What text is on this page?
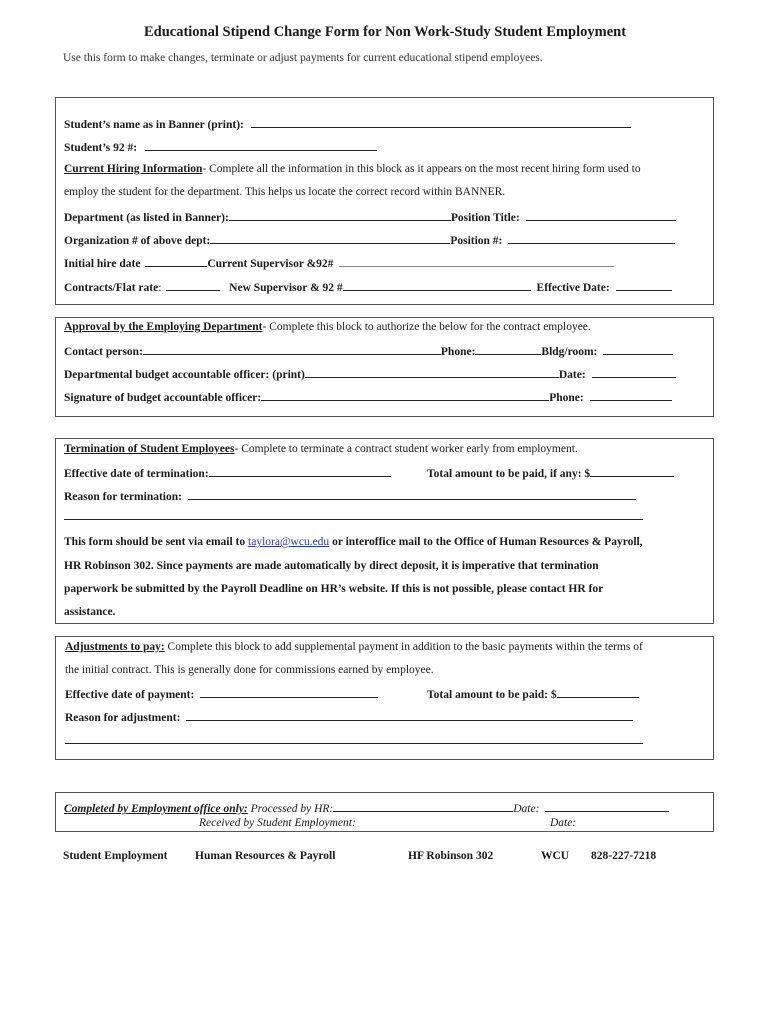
Educational Stipend Change Form for Non Work-Study Student Employment
Use this form to make changes, terminate or adjust payments for current educational stipend employees.
Student’s name as in Banner (print):
Student’s 92 #:
Current Hiring Information- Complete all the information in this block as it appears on the most recent hiring form used to
employ the student for the department. This helps us locate the correct record within BANNER.
Department (as listed in Banner):	Position Title:
Organization # of above dept:	Position #:
Initial hire date	Current Supervisor &92#
Contracts/Flat rate:	New Supervisor & 92 #	Effective Date:
Approval by the Employing Department- Complete this block to authorize the below for the contract employee.
Contact person:	Phone:	Bldg/room:
Departmental budget accountable officer: (print)	Date:
Signature of budget accountable officer:	Phone:
Termination of Student Employees- Complete to terminate a contract student worker early from employment.
Effective date of termination:	Total amount to be paid, if any: $
Reason for termination:
This form should be sent via email to taylora@wcu.edu or interoffice mail to the Office of Human Resources & Payroll,
HR Robinson 302. Since payments are made automatically by direct deposit, it is imperative that termination
paperwork be submitted by the Payroll Deadline on HR’s website. If this is not possible, please contact HR for
assistance.
Adjustments to pay: Complete this block to add supplemental payment in addition to the basic payments within the terms of
the initial contract. This is generally done for commissions earned by employee.
Effective date of payment:	Total amount to be paid: $
Reason for adjustment:
Completed by Employment office only: Processed by HR:	Date:
Received by Student Employment:	Date:
Student Employment Human Resources & Payroll	HF Robinson 302	WCU 828-227-7218
